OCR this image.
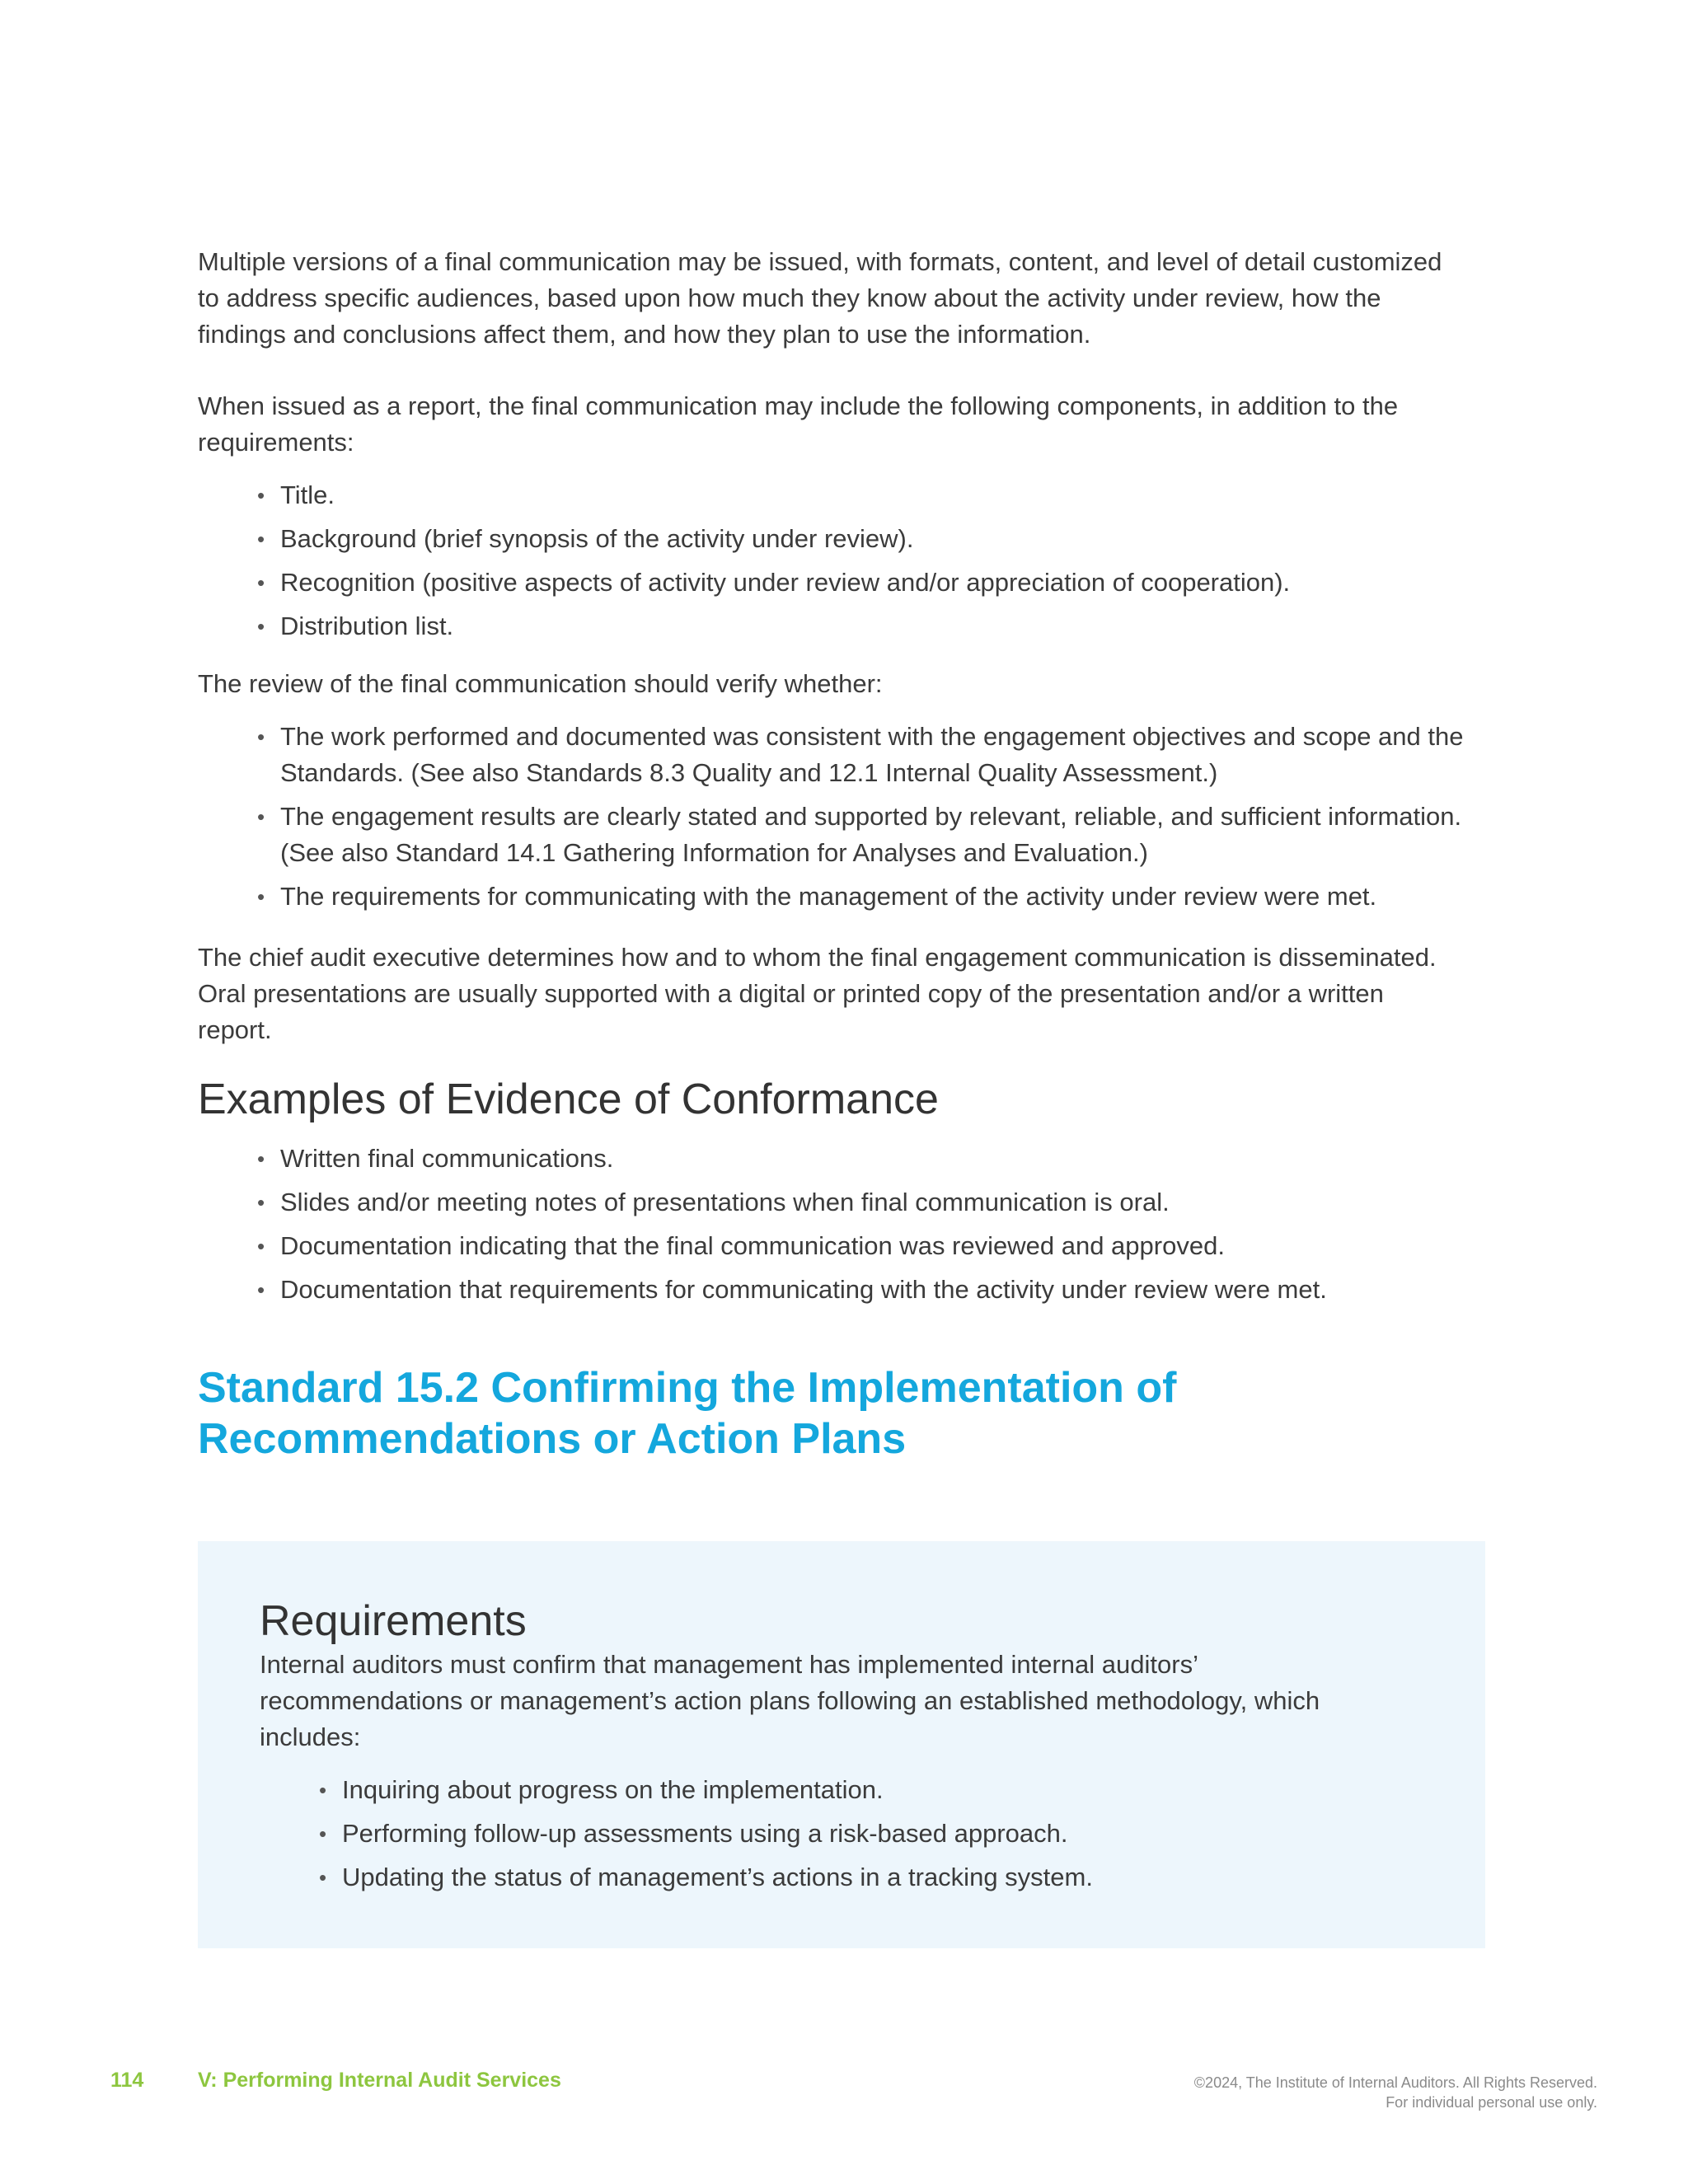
Multiple versions of a final communication may be issued, with formats, content, and level of detail customized to address specific audiences, based upon how much they know about the activity under review, how the findings and conclusions affect them, and how they plan to use the information.

When issued as a report, the final communication may include the following components, in addition to the requirements:

• Title.
• Background (brief synopsis of the activity under review).
• Recognition (positive aspects of activity under review and/or appreciation of cooperation).
• Distribution list.

The review of the final communication should verify whether:

• The work performed and documented was consistent with the engagement objectives and scope and the Standards. (See also Standards 8.3 Quality and 12.1 Internal Quality Assessment.)
• The engagement results are clearly stated and supported by relevant, reliable, and sufficient information. (See also Standard 14.1 Gathering Information for Analyses and Evaluation.)
• The requirements for communicating with the management of the activity under review were met.

The chief audit executive determines how and to whom the final engagement communication is disseminated. Oral presentations are usually supported with a digital or printed copy of the presentation and/or a written report.

Examples of Evidence of Conformance
• Written final communications.
• Slides and/or meeting notes of presentations when final communication is oral.
• Documentation indicating that the final communication was reviewed and approved.
• Documentation that requirements for communicating with the activity under review were met.
Standard 15.2 Confirming the Implementation of
Recommendations or Action Plans
Requirements

Internal auditors must confirm that management has implemented internal auditors’ recommendations or management’s action plans following an established methodology, which includes:

• Inquiring about progress on the implementation.
• Performing follow-up assessments using a risk-based approach.
• Updating the status of management’s actions in a tracking system.
114	V: Performing Internal Audit Services	©2024, The Institute of Internal Auditors. All Rights Reserved.
For individual personal use only.
